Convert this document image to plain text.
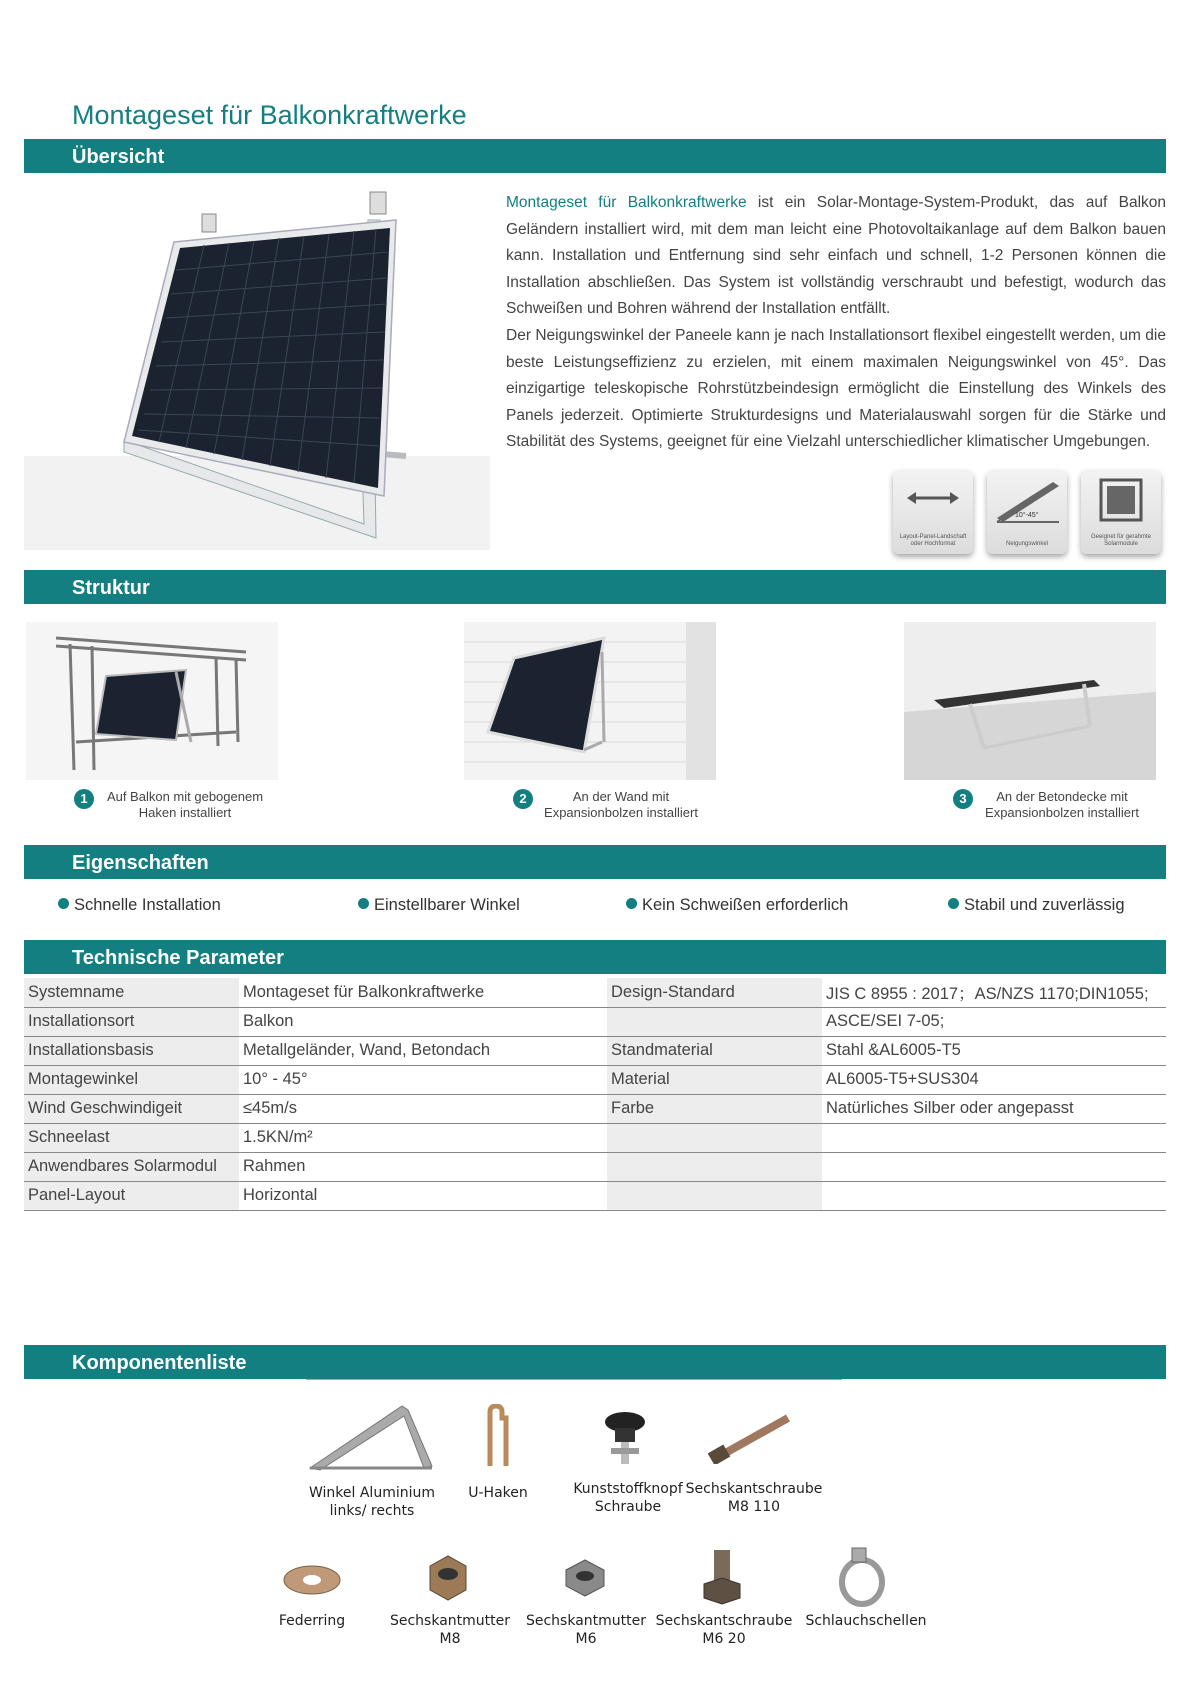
Montageset für Balkonkraftwerke
Übersicht
Montageset für Balkonkraftwerke ist ein Solar-Montage-System-Produkt, das auf Balkon Geländern installiert wird, mit dem man leicht eine Photovoltaikanlage auf dem Balkon bauen kann. Installation und Entfernung sind sehr einfach und schnell, 1-2 Personen können die Installation abschließen. Das System ist vollständig verschraubt und befestigt, wodurch das Schweißen und Bohren während der Installation entfällt.
Der Neigungswinkel der Paneele kann je nach Installationsort flexibel eingestellt werden, um die beste Leistungseffizienz zu erzielen, mit einem maximalen Neigungswinkel von 45°. Das einzigartige teleskopische Rohrstützbeindesign ermöglicht die Einstellung des Winkels des Panels jederzeit. Optimierte Strukturdesigns und Materialauswahl sorgen für die Stärke und Stabilität des Systems, geeignet für eine Vielzahl unterschiedlicher klimatischer Umgebungen.
Layout-Panel-Landschaft oder Hochformat
10°-45°
Neigungswinkel
Geeignet für gerahmte Solarmodule
Struktur
1	Auf Balkon mit gebogenem
Haken installiert
2	An der Wand mit
Expansionbolzen installiert
3	An der Betondecke mit
Expansionbolzen installiert
Eigenschaften
Schnelle Installation	Einstellbarer Winkel	Kein Schweißen erforderlich	Stabil und zuverlässig
Technische Parameter
Systemname	Montageset für Balkonkraftwerke	Design-Standard	JIS C 8955 : 2017；AS/NZS 1170;DIN1055;
Installationsort	Balkon		ASCE/SEI 7-05;
Installationsbasis	Metallgeländer, Wand, Betondach	Standmaterial	Stahl &AL6005-T5
Montagewinkel	10° - 45°	Material	AL6005-T5+SUS304
Wind Geschwindigeit	≤45m/s	Farbe	Natürliches Silber oder angepasst
Schneelast	1.5KN/m²		
Anwendbares Solarmodul	Rahmen		
Panel-Layout	Horizontal		
Komponentenliste
Winkel Aluminium
links/ rechts
U-Haken	Kunststoffknopf
Schraube
Sechskantschraube
M8 110
Federring	Sechskantmutter
M8
Sechskantmutter
M6
Sechskantschraube
M6 20
Schlauchschellen
